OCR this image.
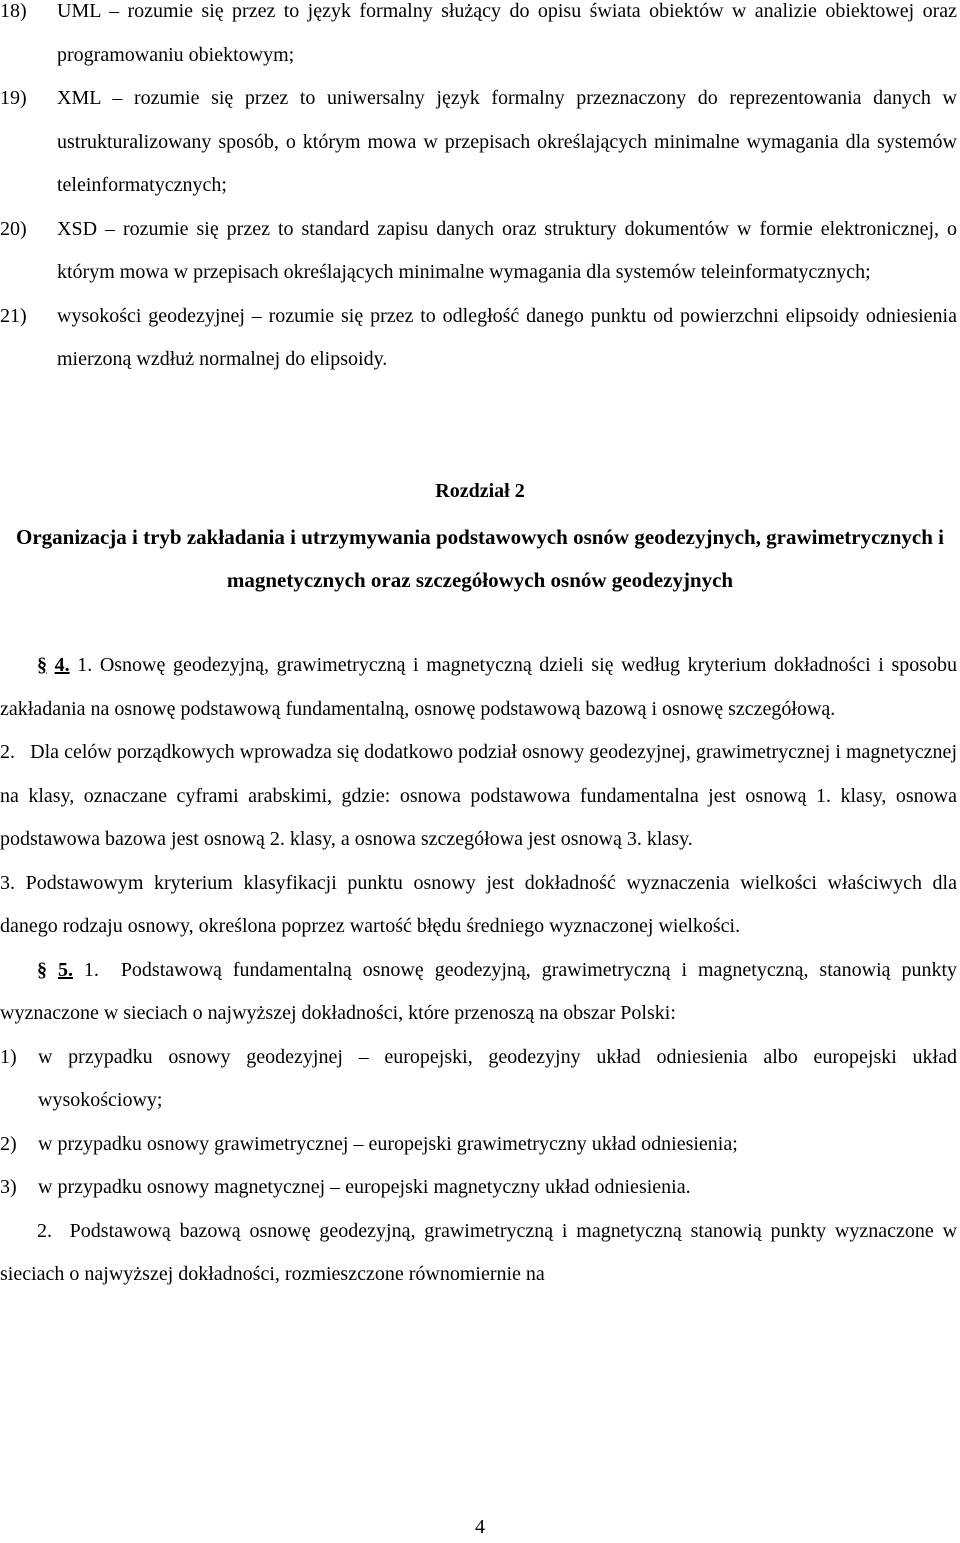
18)	UML – rozumie się przez to język formalny służący do opisu świata obiektów w analizie obiektowej oraz programowaniu obiektowym;
19)	XML – rozumie się przez to uniwersalny język formalny przeznaczony do reprezentowania danych w ustrukturalizowany sposób, o którym mowa w przepisach określających minimalne wymagania dla systemów teleinformatycznych;
20)	XSD – rozumie się przez to standard zapisu danych oraz struktury dokumentów w formie elektronicznej, o którym mowa w przepisach określających minimalne wymagania dla systemów teleinformatycznych;
21)	wysokości geodezyjnej – rozumie się przez to odległość danego punktu od powierzchni elipsoidy odniesienia mierzoną wzdłuż normalnej do elipsoidy.
Rozdział 2
Organizacja i tryb zakładania i utrzymywania podstawowych osnów geodezyjnych, grawimetrycznych i magnetycznych oraz szczegółowych osnów geodezyjnych

§ 4. 1. Osnowę geodezyjną, grawimetryczną i magnetyczną dzieli się według kryterium dokładności i sposobu zakładania na osnowę podstawową fundamentalną, osnowę podstawową bazową i osnowę szczegółową.

2. Dla celów porządkowych wprowadza się dodatkowo podział osnowy geodezyjnej, grawimetrycznej i magnetycznej na klasy, oznaczane cyframi arabskimi, gdzie: osnowa podstawowa fundamentalna jest osnową 1. klasy, osnowa podstawowa bazowa jest osnową 2. klasy, a osnowa szczegółowa jest osnową 3. klasy.

3. Podstawowym kryterium klasyfikacji punktu osnowy jest dokładność wyznaczenia wielkości właściwych dla danego rodzaju osnowy, określona poprzez wartość błędu średniego wyznaczonej wielkości.

§ 5. 1. Podstawową fundamentalną osnowę geodezyjną, grawimetryczną i magnetyczną, stanowią punkty wyznaczone w sieciach o najwyższej dokładności, które przenoszą na obszar Polski:

1) w przypadku osnowy geodezyjnej – europejski, geodezyjny układ odniesienia albo europejski układ wysokościowy;
2) w przypadku osnowy grawimetrycznej – europejski grawimetryczny układ odniesienia;
3) w przypadku osnowy magnetycznej – europejski magnetyczny układ odniesienia.

2. Podstawową bazową osnowę geodezyjną, grawimetryczną i magnetyczną stanowią punkty wyznaczone w sieciach o najwyższej dokładności, rozmieszczone równomiernie na

4
